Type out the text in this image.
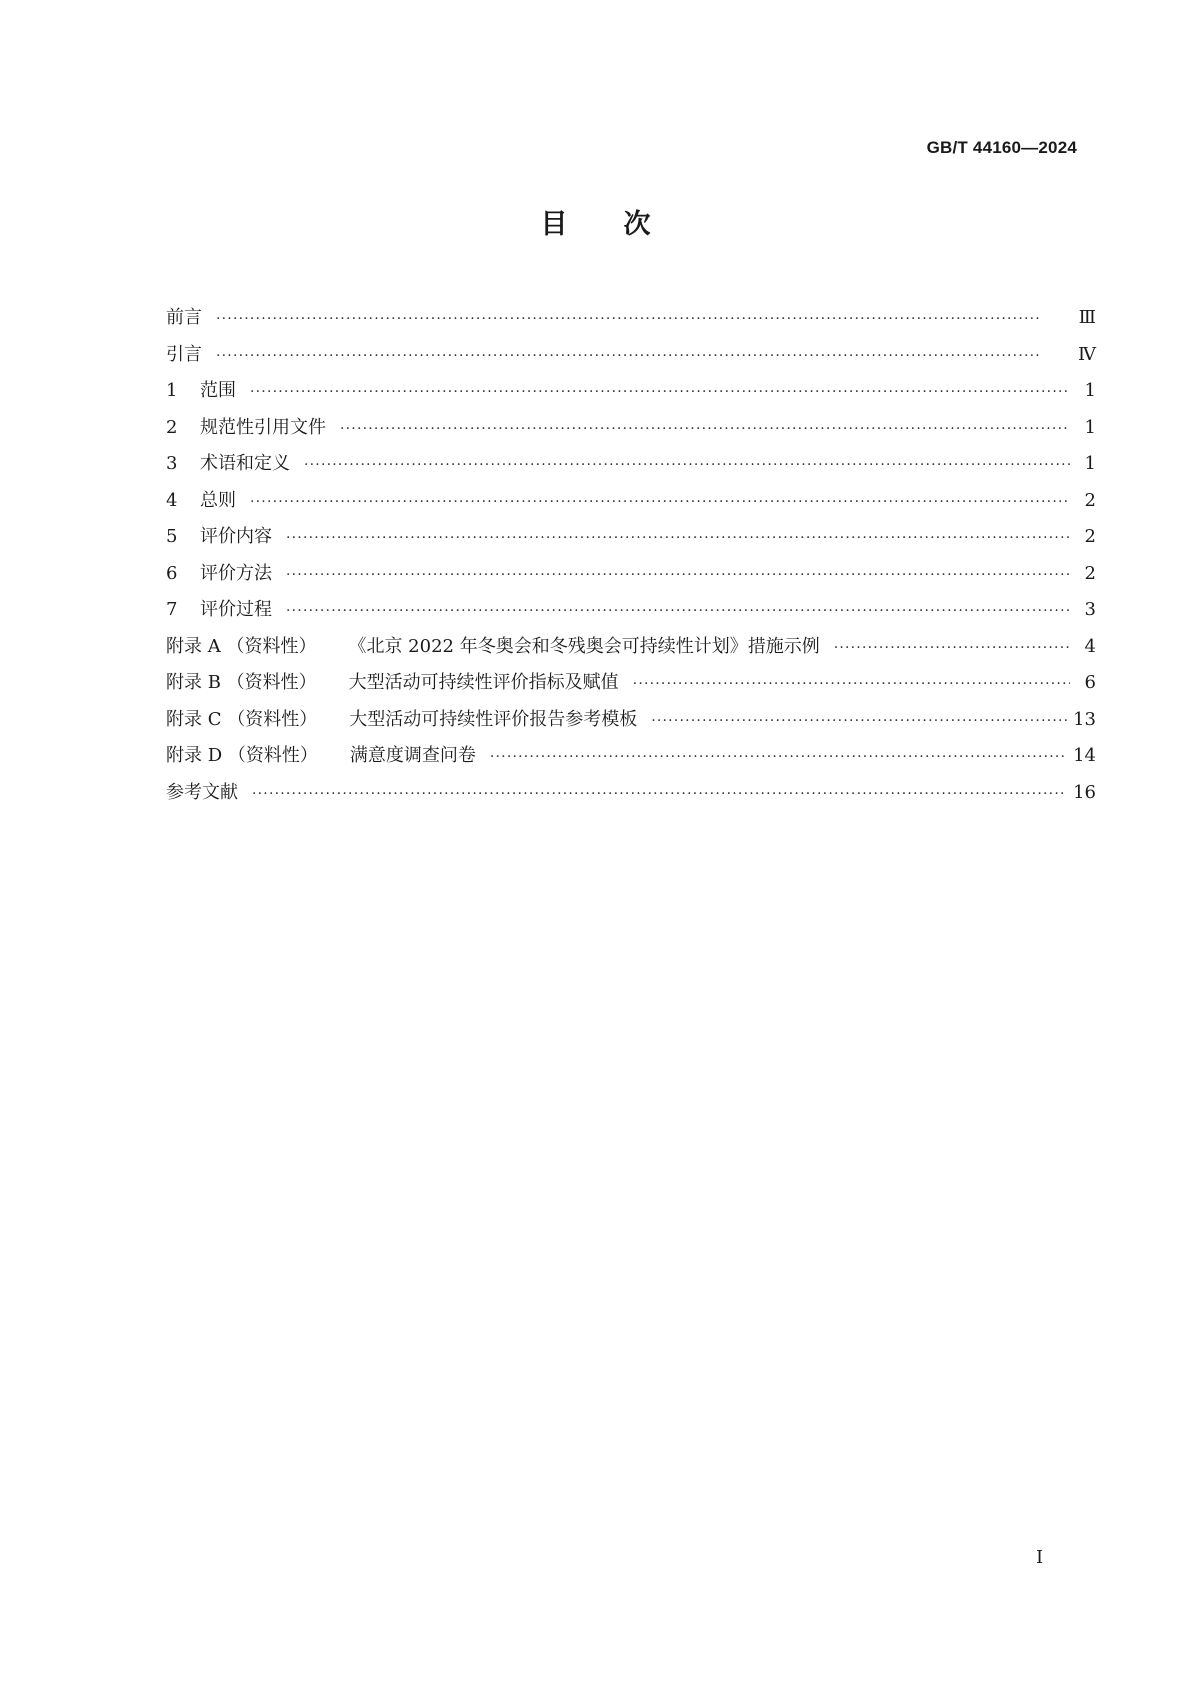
GB/T 44160—2024
目 次
前言 ·····	Ⅲ
引言 ·····	Ⅳ
1	范围 ·····	1
2	规范性引用文件 ·····	1
3	术语和定义 ·····	1
4	总则 ·····	2
5	评价内容 ·····	2
6	评价方法 ·····	2
7	评价过程 ·····	3
附录 A （资料性） 《北京 2022 年冬奥会和冬残奥会可持续性计划》措施示例 ·····	4
附录 B （资料性） 大型活动可持续性评价指标及赋值 ·····	6
附录 C （资料性） 大型活动可持续性评价报告参考模板 ·····	13
附录 D （资料性） 满意度调查问卷 ·····	14
参考文献 ·····	16
Ⅰ
